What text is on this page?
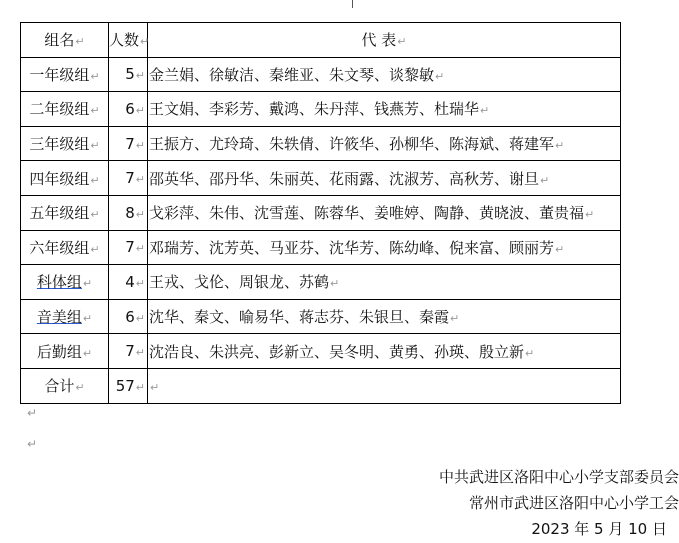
组名↵	人数↵	代 表↵
一年级组↵	5↵	金兰娟、徐敏洁、秦维亚、朱文琴、谈黎敏↵
二年级组↵	6↵	王文娟、李彩芳、戴鸿、朱丹萍、钱燕芳、杜瑞华↵
三年级组↵	7↵	王振方、尤玲琦、朱轶倩、许筱华、孙柳华、陈海斌、蒋建军↵
四年级组↵	7↵	邵英华、邵丹华、朱丽英、花雨露、沈淑芳、高秋芳、谢旦↵
五年级组↵	8↵	戈彩萍、朱伟、沈雪莲、陈蓉华、姜唯婷、陶静、黄晓波、董贵福↵
六年级组↵	7↵	邓瑞芳、沈芳英、马亚芬、沈华芳、陈幼峰、倪来富、顾丽芳↵
科体组↵	4↵	王戎、戈伦、周银龙、苏鹤↵
音美组↵	6↵	沈华、秦文、喻易华、蒋志芬、朱银旦、秦霞↵
后勤组↵	7↵	沈浩良、朱洪亮、彭新立、吴冬明、黄勇、孙瑛、殷立新↵
合计↵	57↵	↵
↵
↵
中共武进区洛阳中心小学支部委员会
常州市武进区洛阳中心小学工会
2023 年 5 月 10 日
